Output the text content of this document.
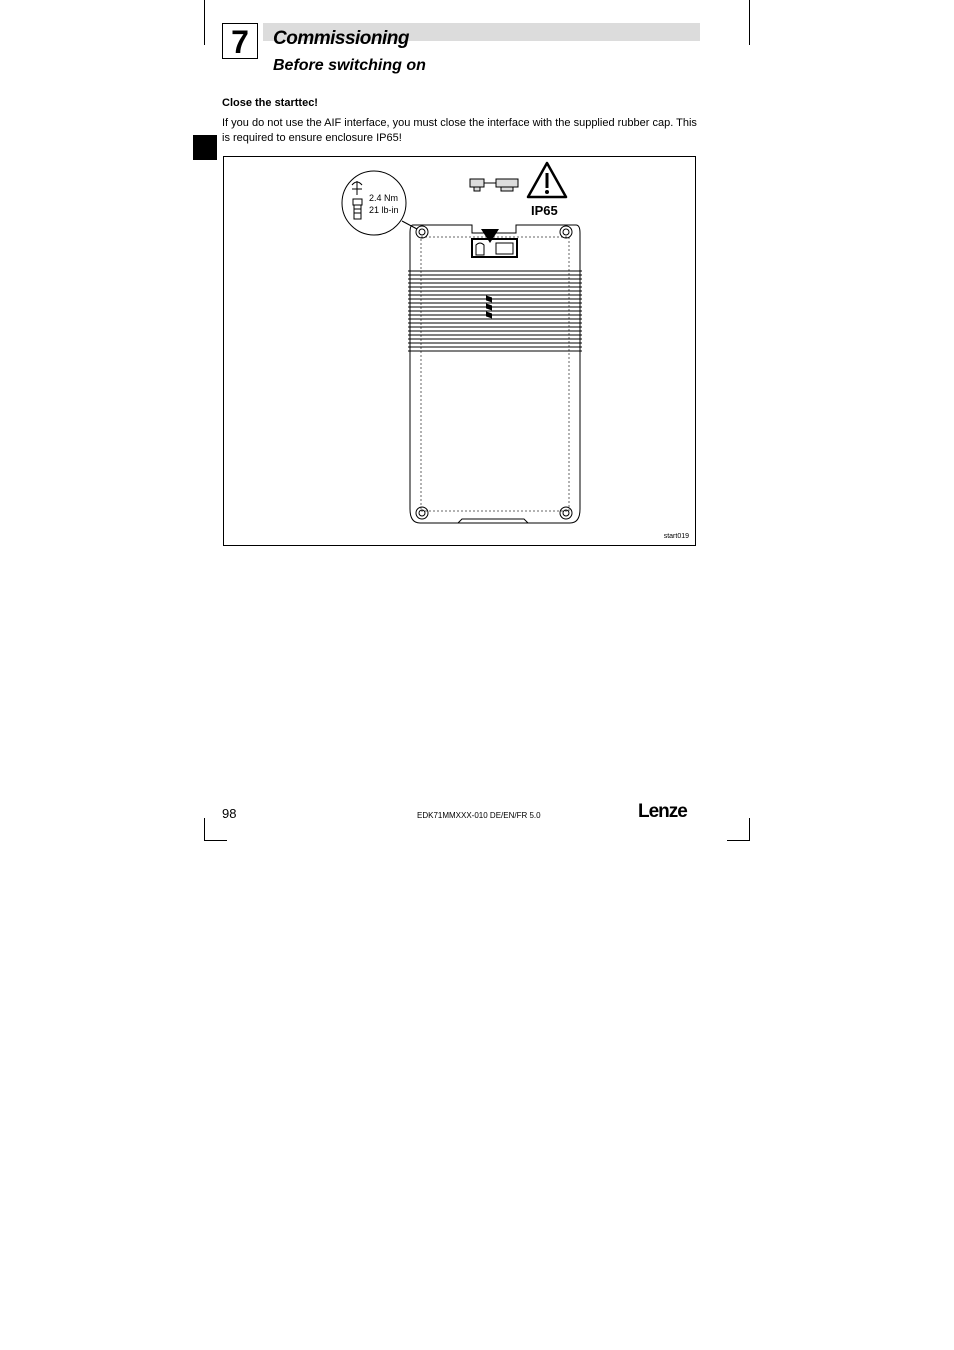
7	Commissioning
Before switching on
Close the starttec!
If you do not use the AIF interface, you must close the interface with the supplied rubber cap. This is required to ensure enclosure IP65!
2.4 Nm
21 lb-in	IP65
start019
98	EDK71MMXXX-010 DE/EN/FR 5.0	Lenze
